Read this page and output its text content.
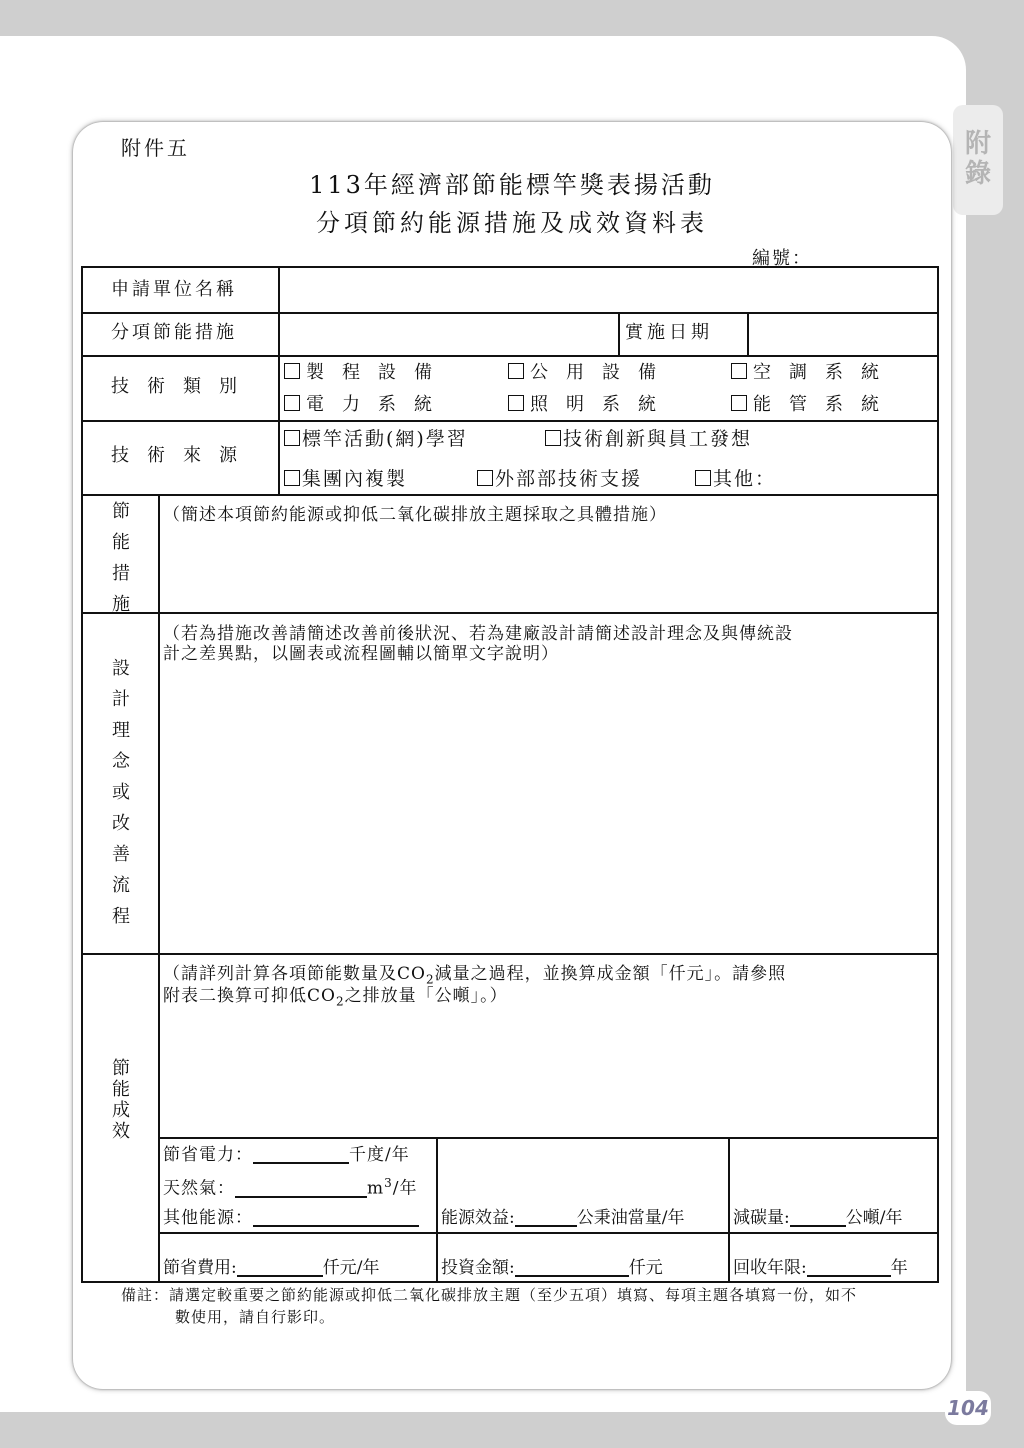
附
錄
附件五
113年經濟部節能標竿獎表揚活動
分項節約能源措施及成效資料表
編號：
申請單位名稱
分項節能措施	實施日期
技術類別
製程設備	公用設備	空調系統
電力系統	照明系統	能管系統
技術來源
標竿活動(網)學習	技術創新與員工發想
集團內複製	外部部技術支援	其他：
節能措施
（簡述本項節約能源或抑低二氧化碳排放主題採取之具體措施）
設計理念或改善流程
（若為措施改善請簡述改善前後狀況、若為建廠設計請簡述設計理念及與傳統設
計之差異點，以圖表或流程圖輔以簡單文字說明）
節能成效
（請詳列計算各項節能數量及$CO_2$減量之過程，並換算成金額「仟元」。請參照
附表二換算可抑低$CO_2$之排放量「公噸」。）
節省電力：	千度/年
天然氣：	$m^3/$年
其他能源：	能源效益:	公秉油當量/年	減碳量:	公噸/年
節省費用:	仟元/年	投資金額:	仟元	回收年限:	年
備註：請選定較重要之節約能源或抑低二氧化碳排放主題（至少五項）填寫、每項主題各填寫一份，如不
數使用，請自行影印。
104
